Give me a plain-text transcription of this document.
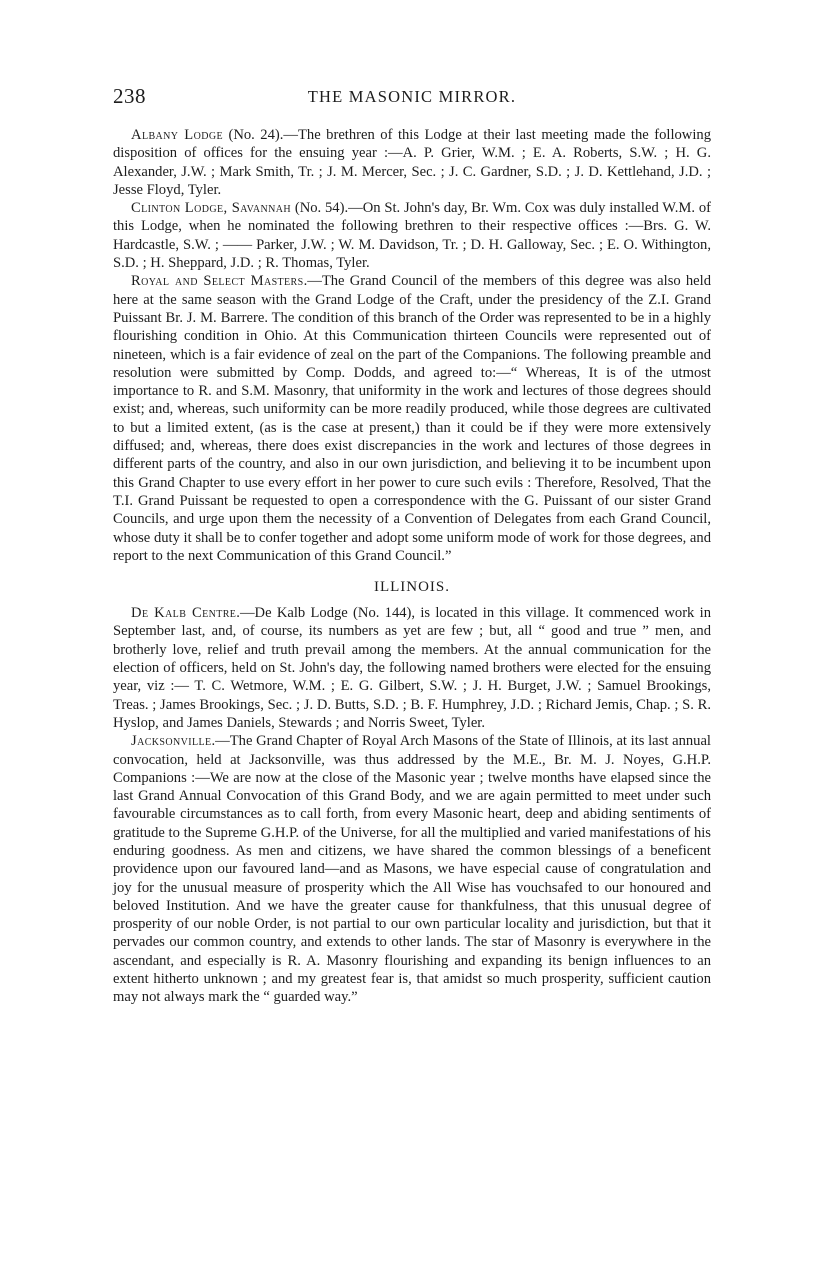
238	THE MASONIC MIRROR.

Albany Lodge (No. 24).—The brethren of this Lodge at their last meeting made the following disposition of offices for the ensuing year :—A. P. Grier, W.M. ; E. A. Roberts, S.W. ; H. G. Alexander, J.W. ; Mark Smith, Tr. ; J. M. Mercer, Sec. ; J. C. Gardner, S.D. ; J. D. Kettlehand, J.D. ; Jesse Floyd, Tyler.

Clinton Lodge, Savannah (No. 54).—On St. John's day, Br. Wm. Cox was duly installed W.M. of this Lodge, when he nominated the following brethren to their respective offices :—Brs. G. W. Hardcastle, S.W. ; —— Parker, J.W. ; W. M. Davidson, Tr. ; D. H. Galloway, Sec. ; E. O. Withington, S.D. ; H. Sheppard, J.D. ; R. Thomas, Tyler.

Royal and Select Masters.—The Grand Council of the members of this degree was also held here at the same season with the Grand Lodge of the Craft, under the presidency of the Z.I. Grand Puissant Br. J. M. Barrere. The condition of this branch of the Order was represented to be in a highly flourishing condition in Ohio. At this Communication thirteen Councils were represented out of nineteen, which is a fair evidence of zeal on the part of the Companions. The following preamble and resolution were submitted by Comp. Dodds, and agreed to:—“ Whereas, It is of the utmost importance to R. and S.M. Masonry, that uniformity in the work and lectures of those degrees should exist; and, whereas, such uniformity can be more readily produced, while those degrees are cultivated to but a limited extent, (as is the case at present,) than it could be if they were more extensively diffused; and, whereas, there does exist discrepancies in the work and lectures of those degrees in different parts of the country, and also in our own jurisdiction, and believing it to be incumbent upon this Grand Chapter to use every effort in her power to cure such evils : Therefore, Resolved, That the T.I. Grand Puissant be requested to open a correspondence with the G. Puissant of our sister Grand Councils, and urge upon them the necessity of a Convention of Delegates from each Grand Council, whose duty it shall be to confer together and adopt some uniform mode of work for those degrees, and report to the next Communication of this Grand Council.”

ILLINOIS.

De Kalb Centre.—De Kalb Lodge (No. 144), is located in this village. It commenced work in September last, and, of course, its numbers as yet are few ; but, all “ good and true ” men, and brotherly love, relief and truth prevail among the members. At the annual communication for the election of officers, held on St. John's day, the following named brothers were elected for the ensuing year, viz :— T. C. Wetmore, W.M. ; E. G. Gilbert, S.W. ; J. H. Burget, J.W. ; Samuel Brookings, Treas. ; James Brookings, Sec. ; J. D. Butts, S.D. ; B. F. Humphrey, J.D. ; Richard Jemis, Chap. ; S. R. Hyslop, and James Daniels, Stewards ; and Norris Sweet, Tyler.

Jacksonville.—The Grand Chapter of Royal Arch Masons of the State of Illinois, at its last annual convocation, held at Jacksonville, was thus addressed by the M.E., Br. M. J. Noyes, G.H.P. Companions :—We are now at the close of the Masonic year ; twelve months have elapsed since the last Grand Annual Convocation of this Grand Body, and we are again permitted to meet under such favourable circumstances as to call forth, from every Masonic heart, deep and abiding sentiments of gratitude to the Supreme G.H.P. of the Universe, for all the multiplied and varied manifestations of his enduring goodness. As men and citizens, we have shared the common blessings of a beneficent providence upon our favoured land—and as Masons, we have especial cause of congratulation and joy for the unusual measure of prosperity which the All Wise has vouchsafed to our honoured and beloved Institution. And we have the greater cause for thankfulness, that this unusual degree of prosperity of our noble Order, is not partial to our own particular locality and jurisdiction, but that it pervades our common country, and extends to other lands. The star of Masonry is everywhere in the ascendant, and especially is R. A. Masonry flourishing and expanding its benign influences to an extent hitherto unknown ; and my greatest fear is, that amidst so much prosperity, sufficient caution may not always mark the “ guarded way.”
